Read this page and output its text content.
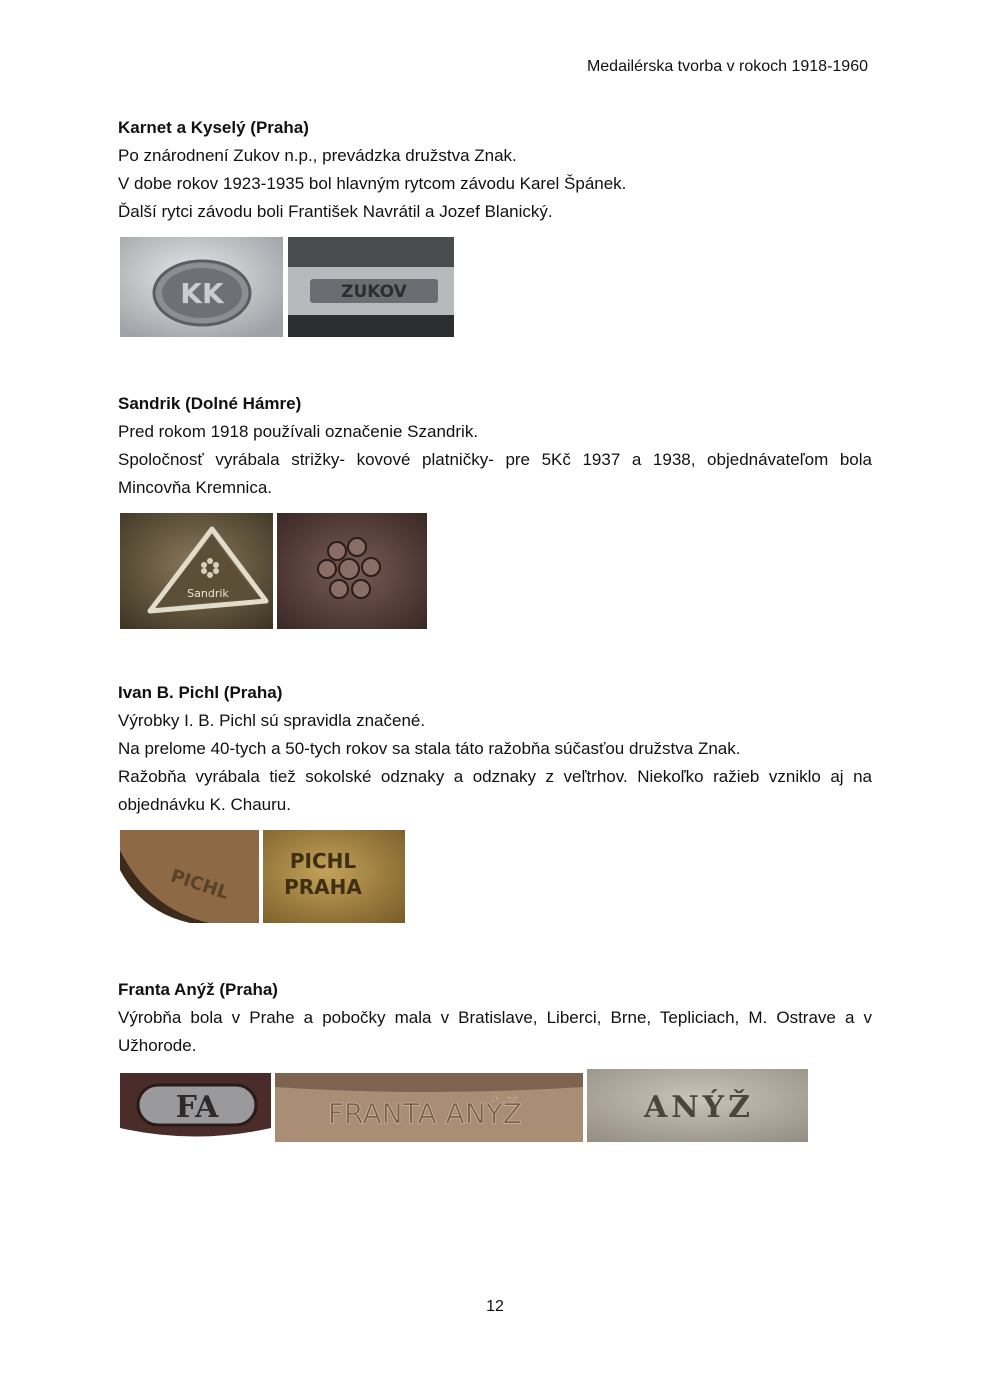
Medailérska tvorba v rokoch 1918-1960
Karnet a Kyselý (Praha)

Po znárodnení Zukov n.p., prevádzka družstva Znak.

V dobe rokov 1923-1935 bol hlavným rytcom závodu Karel Špánek.

Ďalší rytci závodu boli František Navrátil a Jozef Blanický.

KK	ZUKOV
Sandrik (Dolné Hámre)

Pred rokom 1918 používali označenie Szandrik.

Spoločnosť vyrábala strižky- kovové platničky- pre 5Kč 1937 a 1938, objednávateľom bola Mincovňa Kremnica.

Sandrik
Ivan B. Pichl (Praha)

Výrobky I. B. Pichl sú spravidla značené.

Na prelome 40-tych a 50-tych rokov sa stala táto ražobňa súčasťou družstva Znak.

Ražobňa vyrábala tiež sokolské odznaky a odznaky z veľtrhov. Niekoľko ražieb vzniklo aj na objednávku K. Chauru.

PICHL
PICHL
PRAHA
Franta Anýž (Praha)

Výrobňa bola v Prahe a pobočky mala v Bratislave, Liberci, Brne, Tepliciach, M. Ostrave a v Užhorode.

FA	FRANTA ANÝŽ	ANÝŽ
12
